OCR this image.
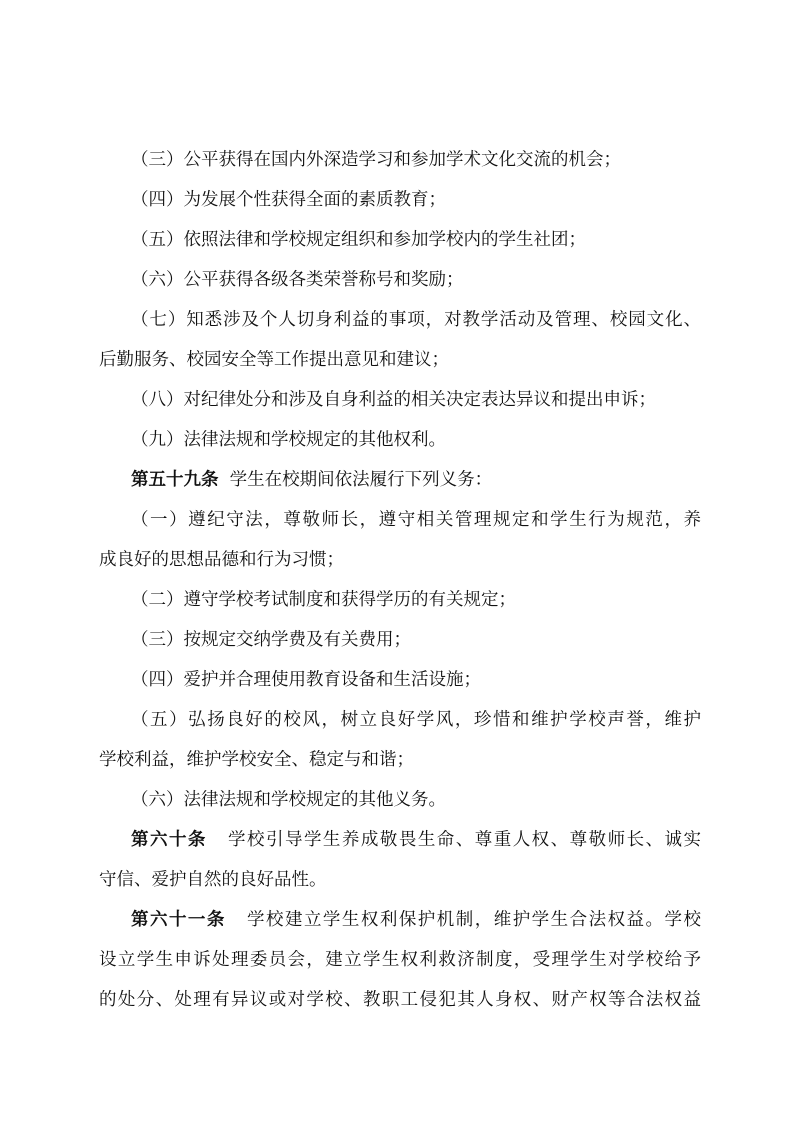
（三）公平获得在国内外深造学习和参加学术文化交流的机会；
（四）为发展个性获得全面的素质教育；
（五）依照法律和学校规定组织和参加学校内的学生社团；
（六）公平获得各级各类荣誉称号和奖励；
（七）知悉涉及个人切身利益的事项，对教学活动及管理、校园文化、
后勤服务、校园安全等工作提出意见和建议；
（八）对纪律处分和涉及自身利益的相关决定表达异议和提出申诉；
（九）法律法规和学校规定的其他权利。
第五十九条 学生在校期间依法履行下列义务：
（一）遵纪守法，尊敬师长，遵守相关管理规定和学生行为规范，养
成良好的思想品德和行为习惯；
（二）遵守学校考试制度和获得学历的有关规定；
（三）按规定交纳学费及有关费用；
（四）爱护并合理使用教育设备和生活设施；
（五）弘扬良好的校风，树立良好学风，珍惜和维护学校声誉，维护
学校利益，维护学校安全、稳定与和谐；
（六）法律法规和学校规定的其他义务。
第六十条 学校引导学生养成敬畏生命、尊重人权、尊敬师长、诚实
守信、爱护自然的良好品性。
第六十一条 学校建立学生权利保护机制，维护学生合法权益。学校
设立学生申诉处理委员会，建立学生权利救济制度，受理学生对学校给予
的处分、处理有异议或对学校、教职工侵犯其人身权、财产权等合法权益
